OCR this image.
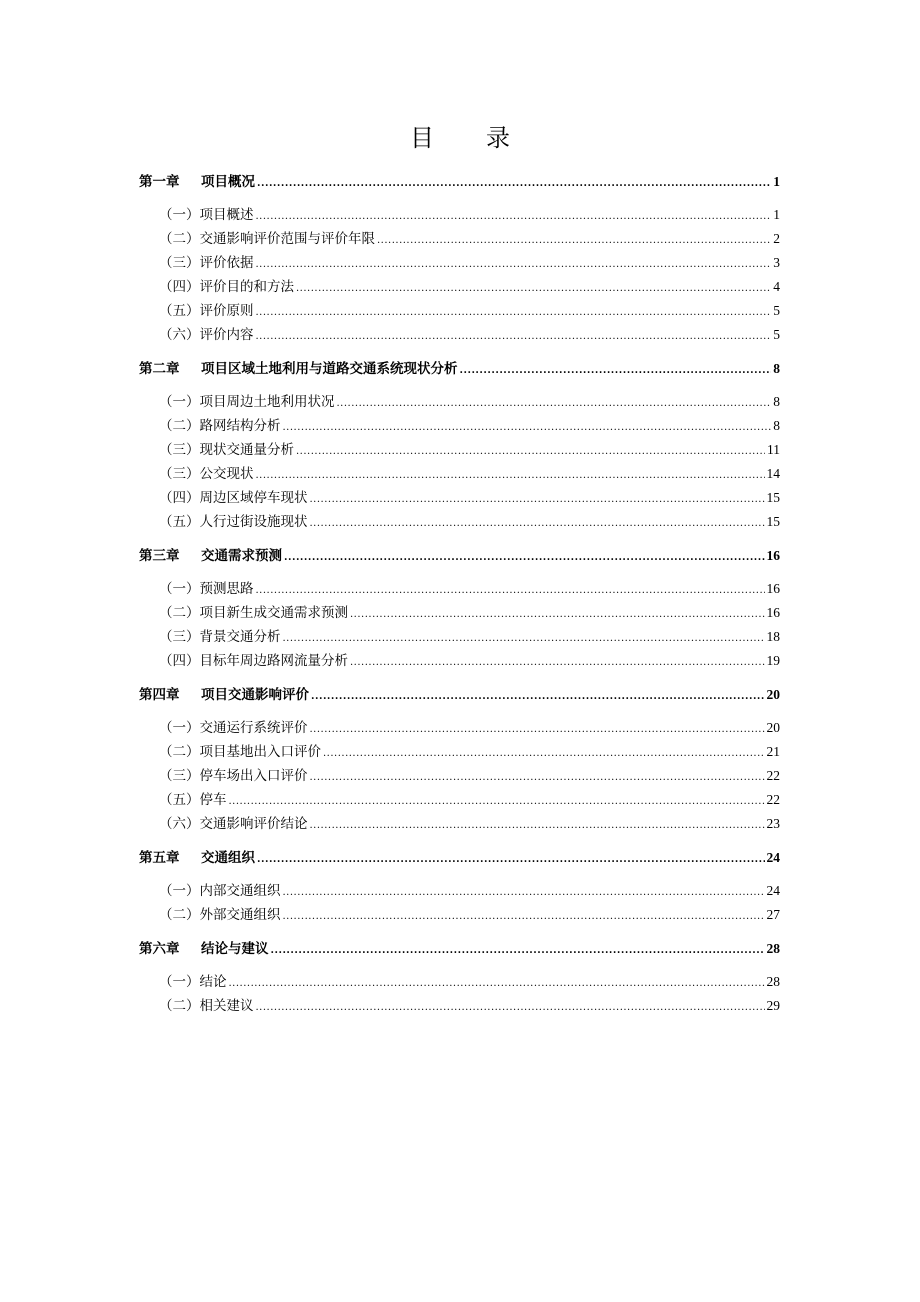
目 录
第一章 项目概况 .....	1
（一）项目概述 .....	1
（二）交通影响评价范围与评价年限 .....	2
（三）评价依据 .....	3
（四）评价目的和方法 .....	4
（五）评价原则 .....	5
（六）评价内容 .....	5
第二章 项目区域土地利用与道路交通系统现状分析 .....	8
（一）项目周边土地利用状况 .....	8
（二）路网结构分析 .....	8
（三）现状交通量分析 .....	11
（三）公交现状 .....	14
（四）周边区域停车现状 .....	15
（五）人行过街设施现状 .....	15
第三章 交通需求预测 .....	16
（一）预测思路 .....	16
（二）项目新生成交通需求预测 .....	16
（三）背景交通分析 .....	18
（四）目标年周边路网流量分析 .....	19
第四章 项目交通影响评价 .....	20
（一）交通运行系统评价 .....	20
（二）项目基地出入口评价 .....	21
（三）停车场出入口评价 .....	22
（五）停车 .....	22
（六）交通影响评价结论 .....	23
第五章 交通组织 .....	24
（一）内部交通组织 .....	24
（二）外部交通组织 .....	27
第六章 结论与建议 .....	28
（一）结论 .....	28
（二）相关建议 .....	29
